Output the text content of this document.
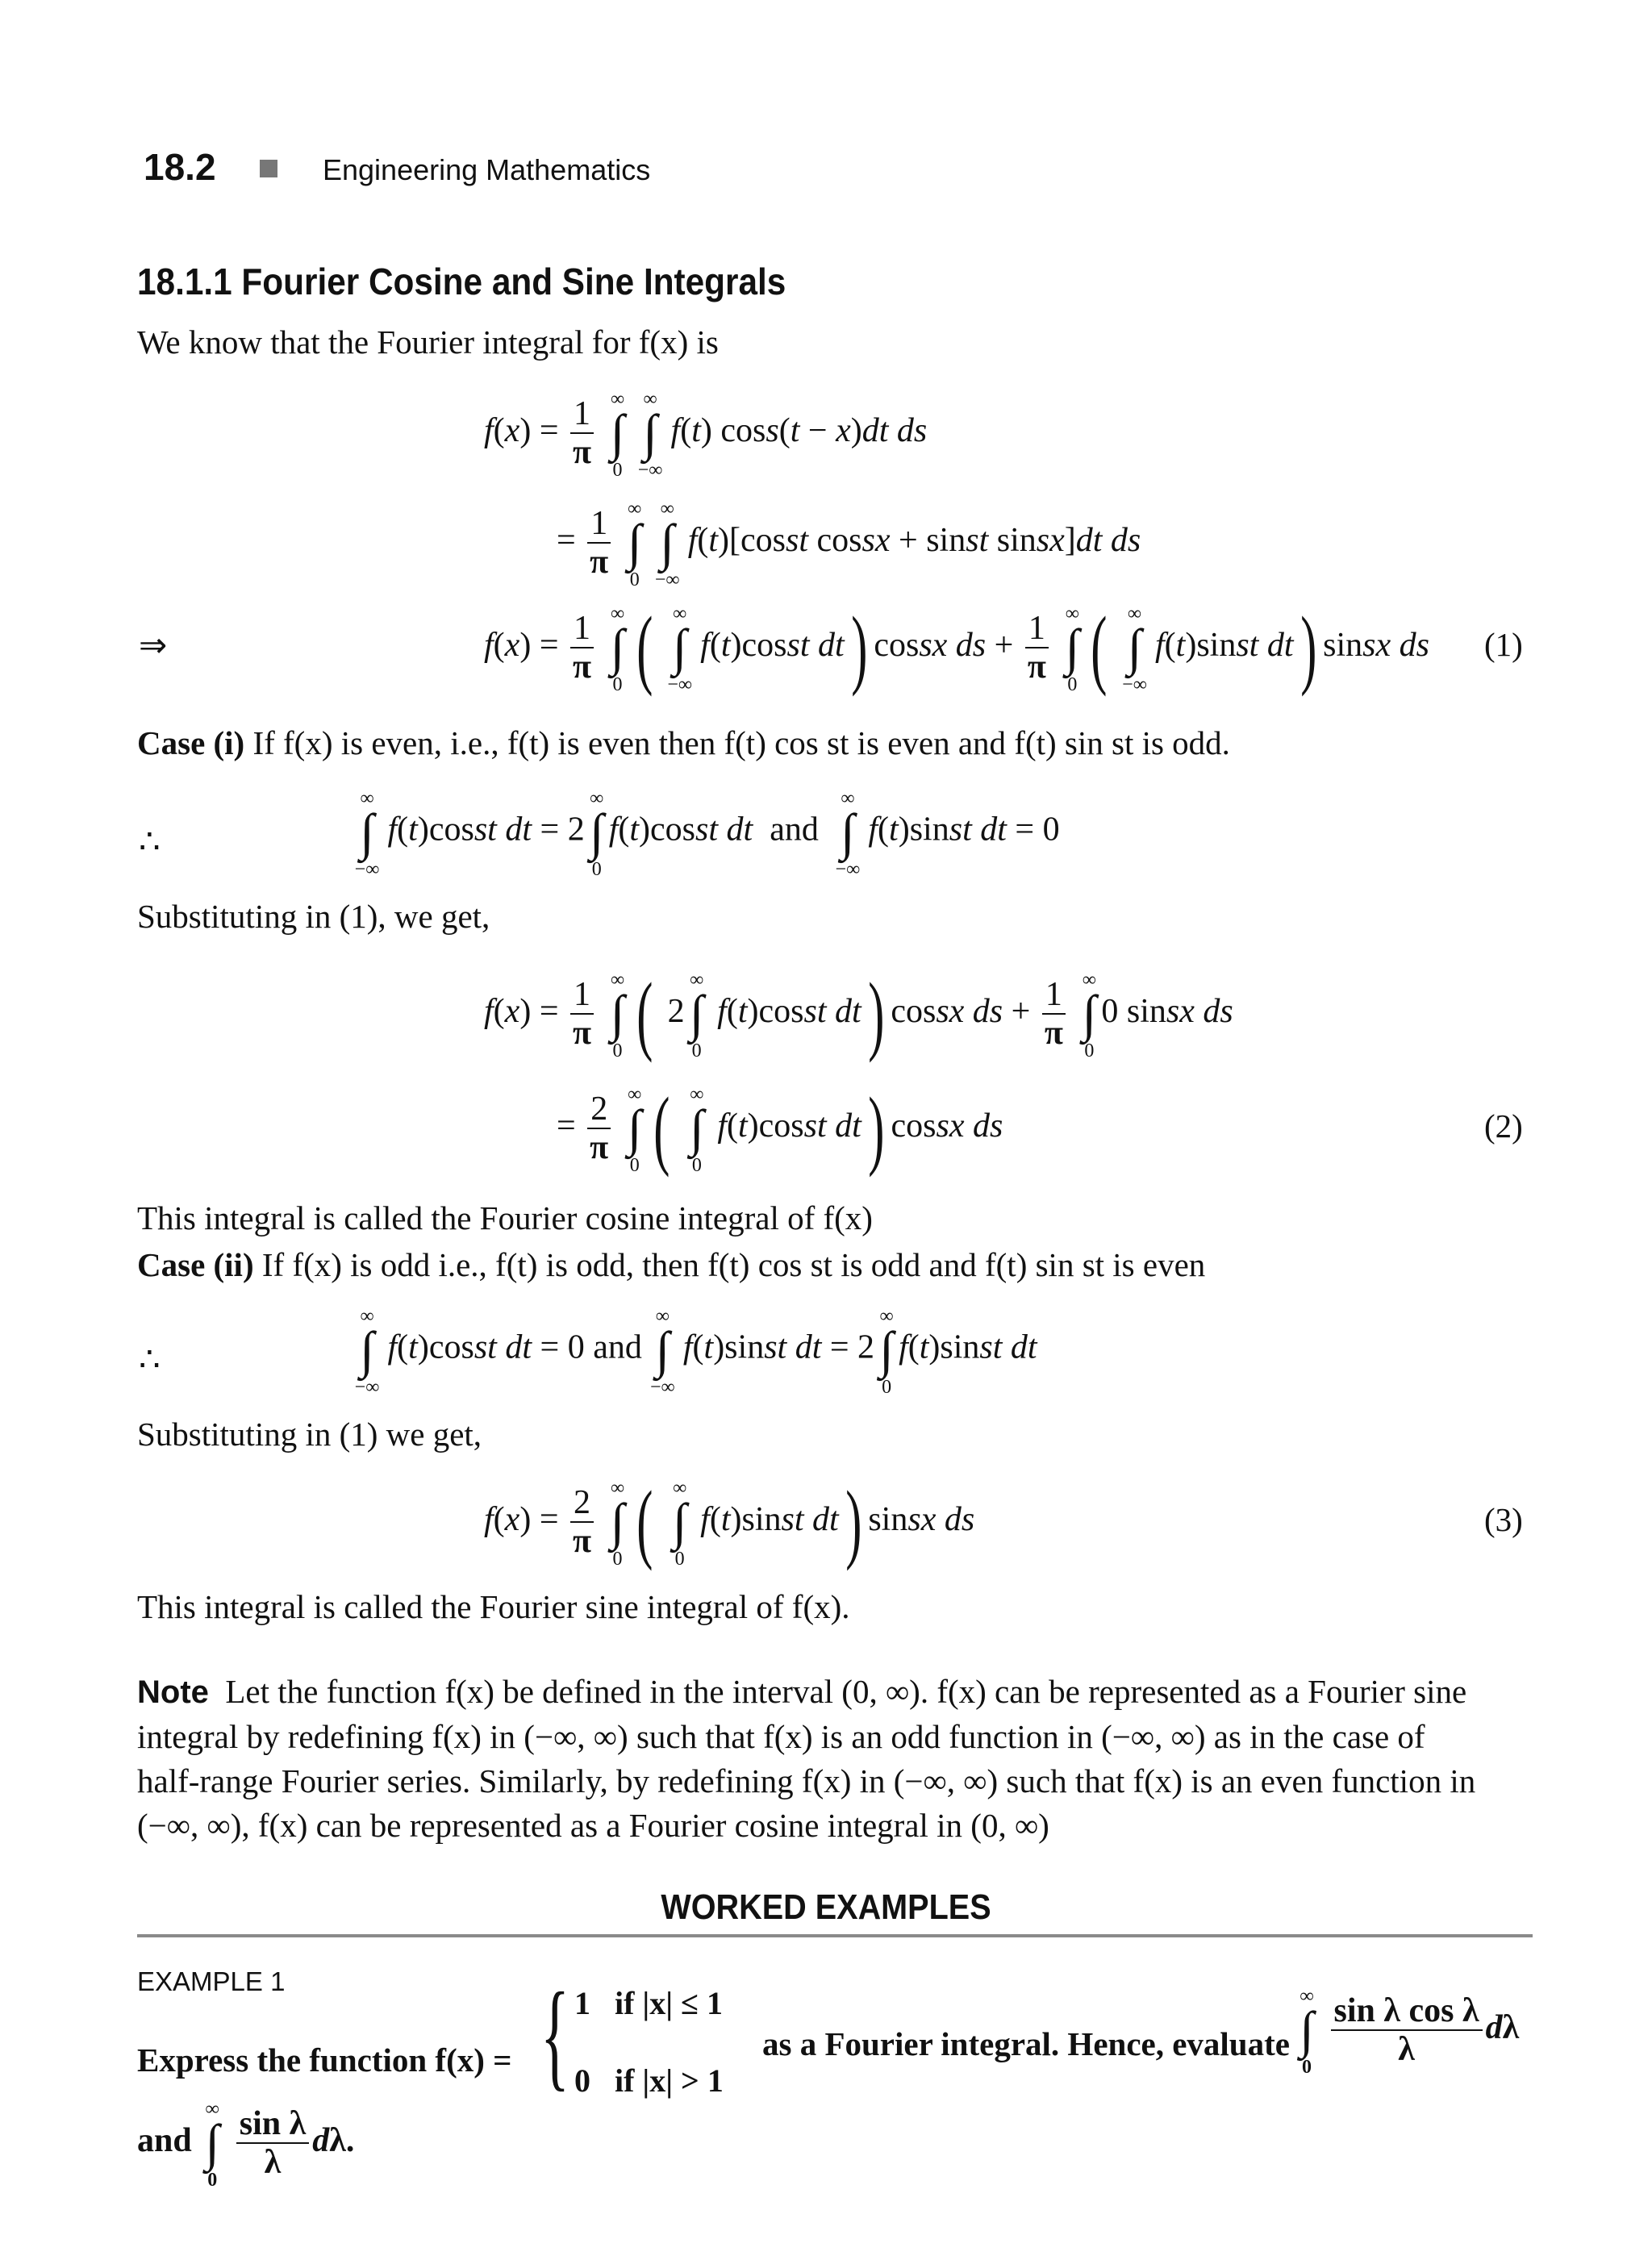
18.2	Engineering Mathematics
18.1.1 Fourier Cosine and Sine Integrals
We know that the Fourier integral for f(x) is
$f(x) = \frac{1}{\pi}$
∞
∫
0

∞
∫
−∞
f(t) coss(t − x)dt ds
= $\frac{1}{\pi}$
∞
∫
0

∞
∫
−∞
f(t)[cosst cossx + sinst sinsx]dt ds
⇒	$f(x) = \frac{1}{\pi}$
∞
∫
0 ( ∞
∫
−∞
f(t)cosst dt) cossx ds + $\frac{1}{\pi}$
∞
∫
0 ( ∞
∫
−∞
f(t)sinst dt) sinsx ds (1)
Case (i) If f(x) is even, i.e., f(t) is even then f(t) cos st is even and f(t) sin st is odd.
∴
∞
∫
−∞
f(t)cosst dt = 2
∞
∫
0
f(t)cosst dt  and
∞
∫
−∞
f(t)sinst dt = 0
Substituting in (1), we get,
$f(x) = \frac{1}{\pi}$
∞
∫
0 ( 2
∞
∫
0
f(t)cosst dt) cossx ds + $\frac{1}{\pi}$
∞
∫
0
0 sinsx ds
= $\frac{2}{\pi}$
∞
∫
0 ( ∞
∫
0
f(t)cosst dt) cossx ds	(2)
This integral is called the Fourier cosine integral of f(x)
Case (ii) If f(x) is odd i.e., f(t) is odd, then f(t) cos st is odd and f(t) sin st is even
∴
∞
∫
−∞
f(t)cosst dt = 0 and
∞
∫
−∞
f(t)sinst dt = 2
∞
∫
0
f(t)sinst dt
Substituting in (1) we get,
$f(x) = \frac{2}{\pi}$
∞
∫
0 ( ∞
∫
0
f(t)sinst dt) sinsx ds	(3)
This integral is called the Fourier sine integral of f(x).
Note Let the function f(x) be defined in the interval (0, ∞). f(x) can be represented as a Fourier sine
integral by redefining f(x) in (−∞, ∞) such that f(x) is an odd function in (−∞, ∞) as in the case of
half-range Fourier series. Similarly, by redefining f(x) in (−∞, ∞) such that f(x) is an even function in
(−∞, ∞), f(x) can be represented as a Fourier cosine integral in (0, ∞)
WORKED EXAMPLES
EXAMPLE 1
Express the function f(x) = { 1   if |x| ≤ 1
0   if |x| > 1
as a Fourier integral. Hence, evaluate
∞
∫
0
$\frac{\text{sin λ cos λ}}{\lambda}$ dλ
and
∞
∫
0
$\frac{\text{sin λ}}{\lambda} d\lambda$.
